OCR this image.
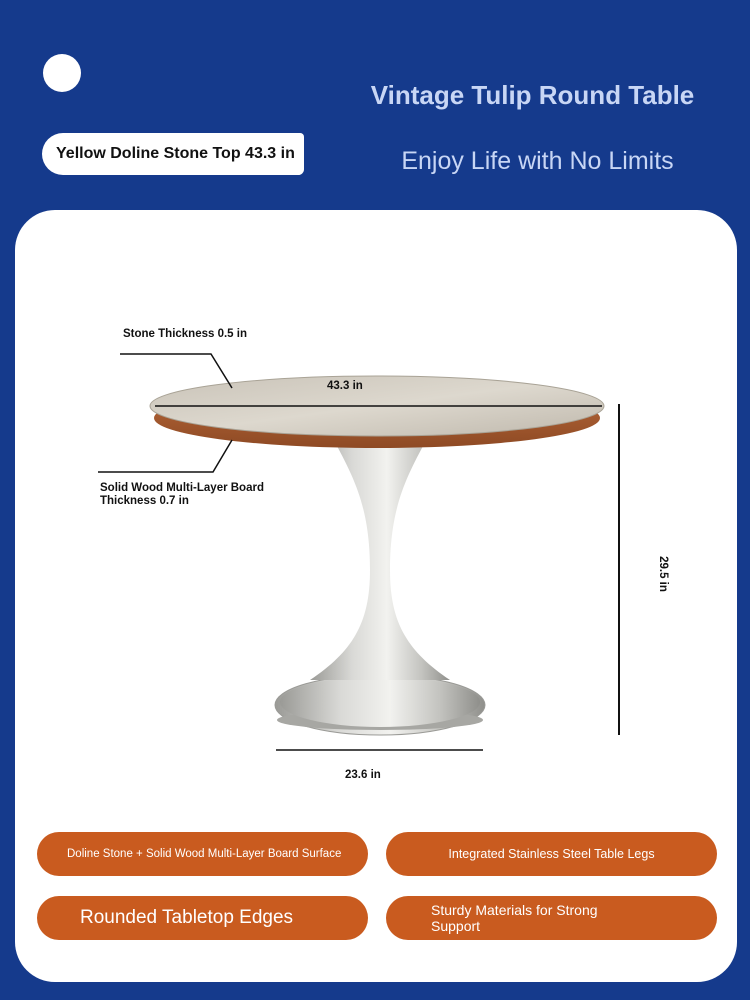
Yellow Doline Stone Top 43.3 in
Vintage Tulip Round Table
Enjoy Life with No Limits
Stone Thickness 0.5 in
43.3 in
Solid Wood Multi-Layer Board
Thickness 0.7 in
29.5 in
23.6 in
Doline Stone + Solid Wood Multi-Layer Board Surface	Integrated Stainless Steel Table Legs
Rounded Tabletop Edges	Sturdy Materials for Strong Support
